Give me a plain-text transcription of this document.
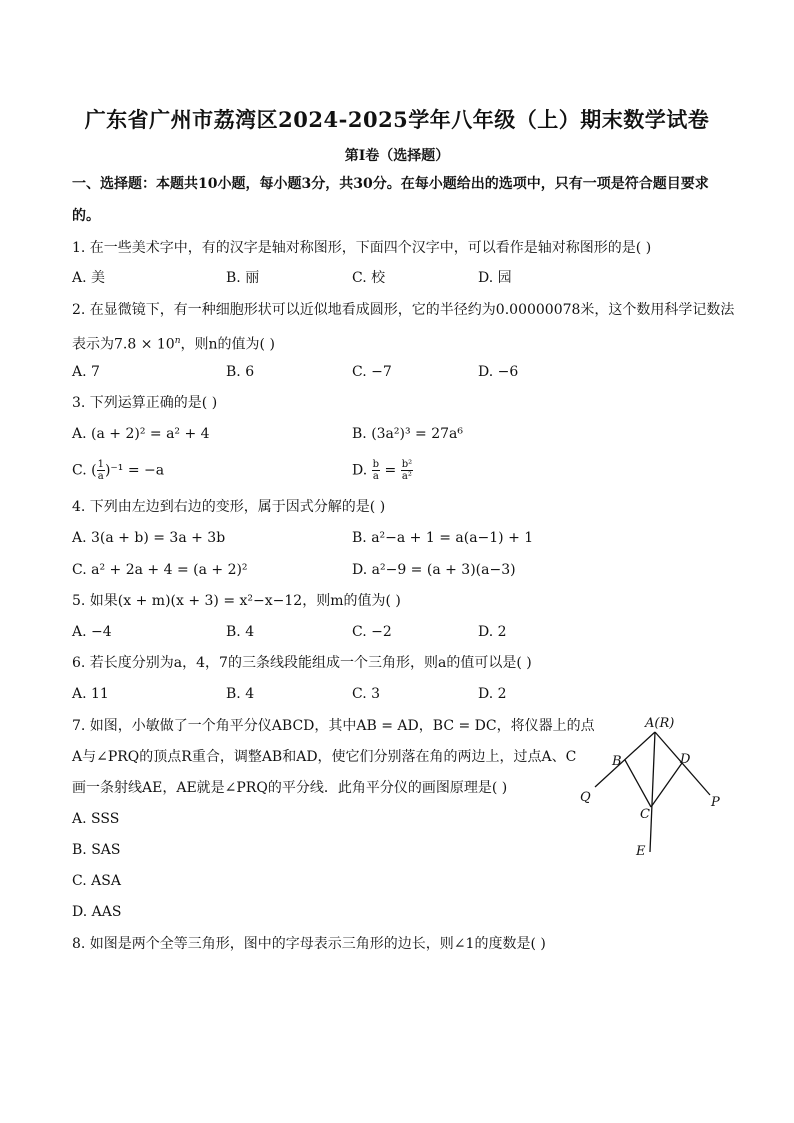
广东省广州市荔湾区2024-2025学年八年级（上）期末数学试卷
第I卷（选择题）
一、选择题：本题共10小题，每小题3分，共30分。在每小题给出的选项中，只有一项是符合题目要求
的。
1. 在一些美术字中，有的汉字是轴对称图形，下面四个汉字中，可以看作是轴对称图形的是( )
A. 美	B. 丽	C. 校	D. 园
2. 在显微镜下，有一种细胞形状可以近似地看成圆形，它的半径约为0.00000078米，这个数用科学记数法
表示为$7.8 \times 10^n$，则n的值为( )
A. 7	B. 6	C. −7	D. −6
3. 下列运算正确的是( )
A. (a + 2)² = a² + 4	B. (3a²)³ = 27a⁶
C. ( $\frac{1}{a} )^{-1} = -a$	D. $\frac{b}{a} = \frac{\text{b²}}{\text{a²}}$
4. 下列由左边到右边的变形，属于因式分解的是( )
A. 3(a + b) = 3a + 3b	B. a²−a + 1 = a(a−1) + 1
C. a² + 2a + 4 = (a + 2)²	D. a²−9 = (a + 3)(a−3)
5. 如果(x + m)(x + 3) = x²−x−12，则m的值为( )
A. −4	B. 4	C. −2	D. 2
6. 若长度分别为a，4，7的三条线段能组成一个三角形，则a的值可以是( )
A. 11	B. 4	C. 3	D. 2
7. 如图，小敏做了一个角平分仪ABCD，其中AB = AD，BC = DC，将仪器上的点
A与∠PRQ的顶点R重合，调整AB和AD，使它们分别落在角的两边上，过点A、C
画一条射线AE，AE就是∠PRQ的平分线．此角平分仪的画图原理是( )
A. SSS
B. SAS
C. ASA
D. AAS
A(R)
B	D
Q	P
C
E
8. 如图是两个全等三角形，图中的字母表示三角形的边长，则∠1的度数是( )
